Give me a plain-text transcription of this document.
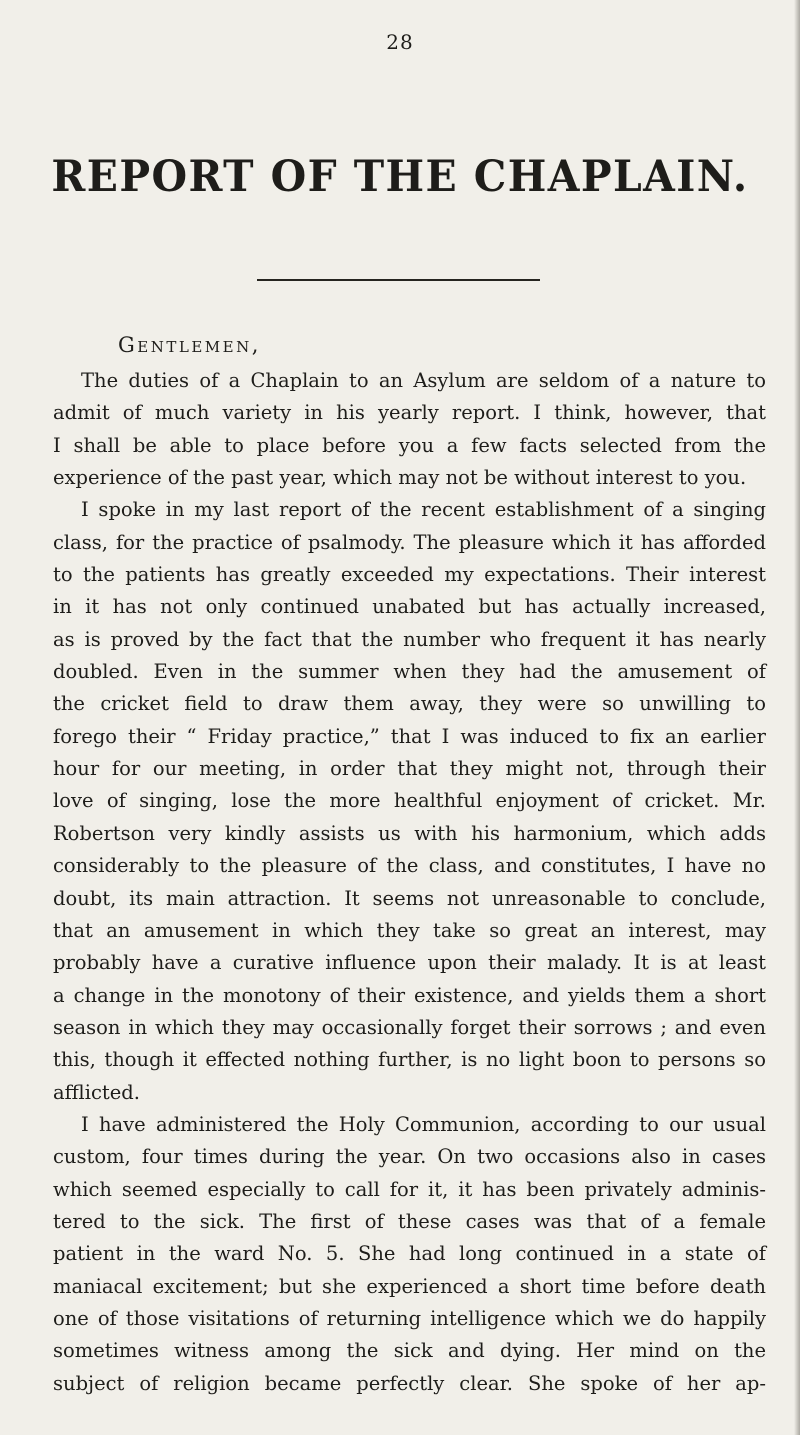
28
REPORT OF THE CHAPLAIN.
Gentlemen,
The duties of a Chaplain to an Asylum are seldom of a nature to
admit of much variety in his yearly report. I think, however, that
I shall be able to place before you a few facts selected from the
experience of the past year, which may not be without interest to you.
I spoke in my last report of the recent establishment of a singing
class, for the practice of psalmody. The pleasure which it has afforded
to the patients has greatly exceeded my expectations. Their interest
in it has not only continued unabated but has actually increased,
as is proved by the fact that the number who frequent it has nearly
doubled. Even in the summer when they had the amusement of
the cricket field to draw them away, they were so unwilling to
forego their “ Friday practice,” that I was induced to fix an earlier
hour for our meeting, in order that they might not, through their
love of singing, lose the more healthful enjoyment of cricket. Mr.
Robertson very kindly assists us with his harmonium, which adds
considerably to the pleasure of the class, and constitutes, I have no
doubt, its main attraction. It seems not unreasonable to conclude,
that an amusement in which they take so great an interest, may
probably have a curative influence upon their malady. It is at least
a change in the monotony of their existence, and yields them a short
season in which they may occasionally forget their sorrows ; and even
this, though it effected nothing further, is no light boon to persons so
afflicted.
I have administered the Holy Communion, according to our usual
custom, four times during the year. On two occasions also in cases
which seemed especially to call for it, it has been privately adminis-
tered to the sick. The first of these cases was that of a female
patient in the ward No. 5. She had long continued in a state of
maniacal excitement; but she experienced a short time before death
one of those visitations of returning intelligence which we do happily
sometimes witness among the sick and dying. Her mind on the
subject of religion became perfectly clear. She spoke of her ap-
